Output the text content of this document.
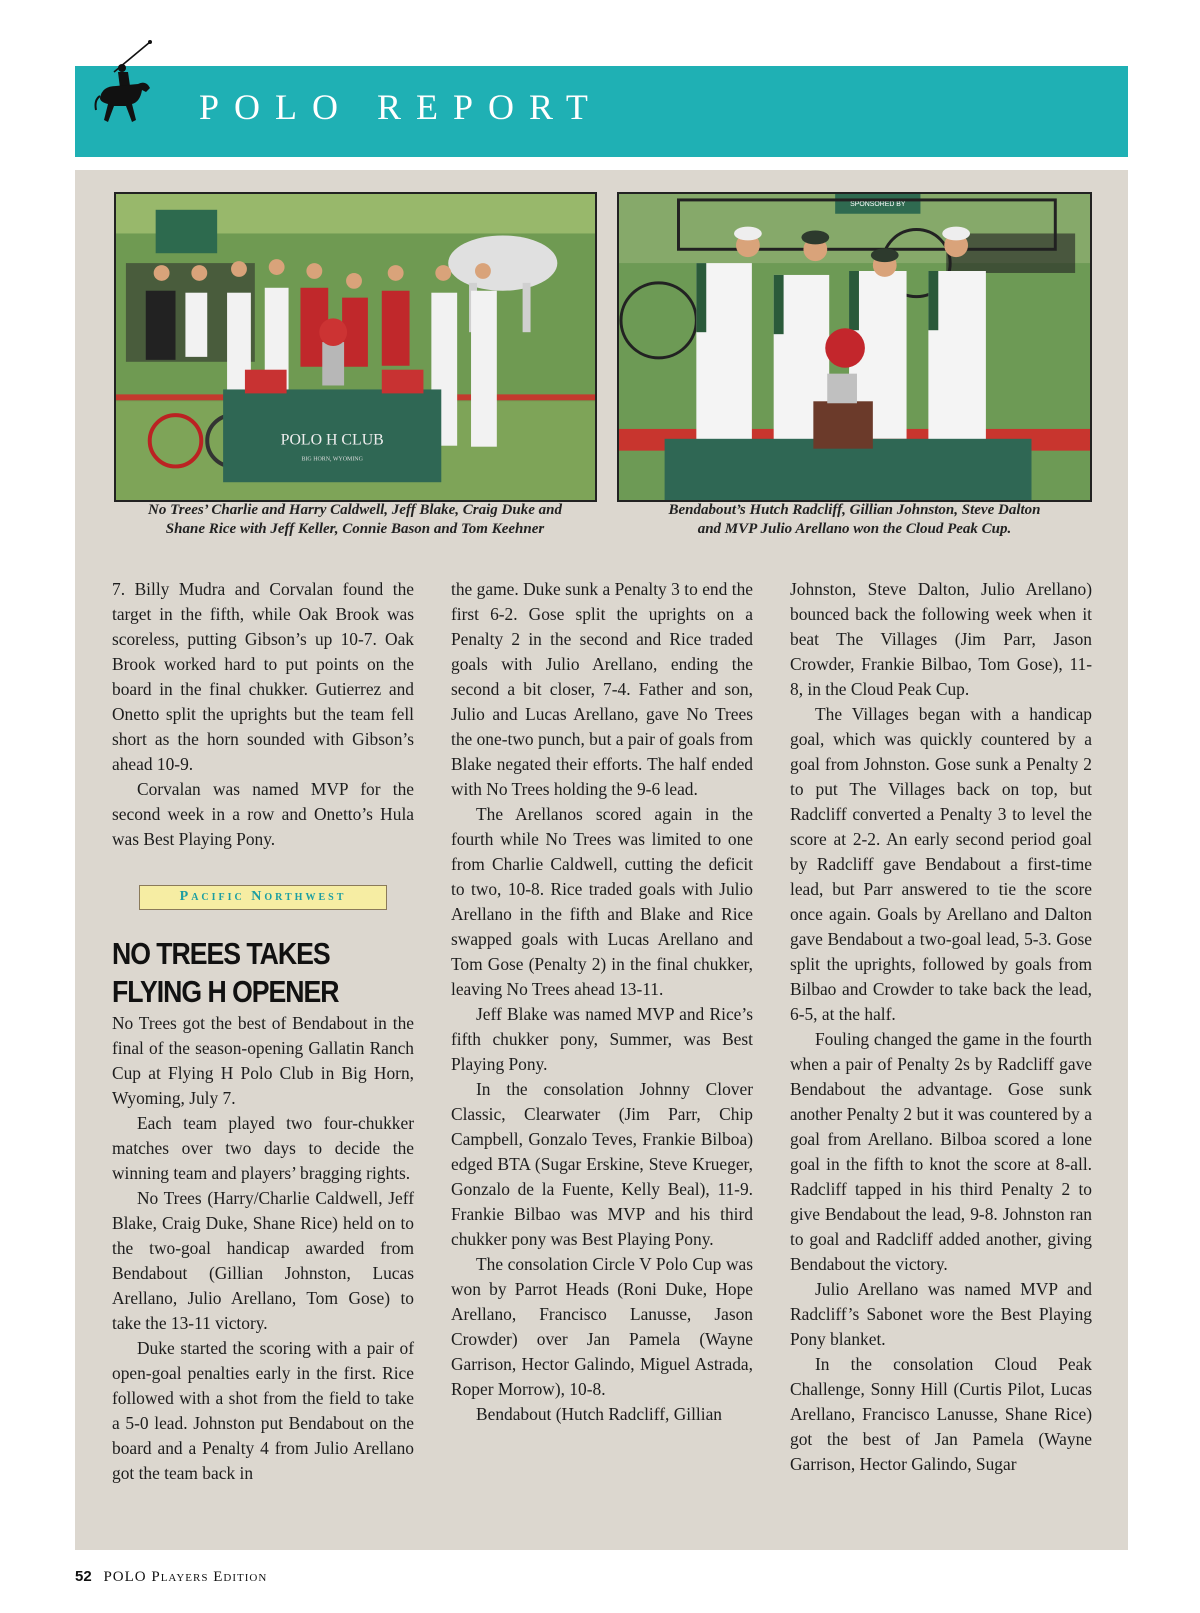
POLO REPORT
POLO H CLUB
BIG HORN, WYOMING
SPONSORED BY
No Trees’ Charlie and Harry Caldwell, Jeff Blake, Craig Duke and
Shane Rice with Jeff Keller, Connie Bason and Tom Keehner
Bendabout’s Hutch Radcliff, Gillian Johnston, Steve Dalton
and MVP Julio Arellano won the Cloud Peak Cup.

7. Billy Mudra and Corvalan found the target in the fifth, while Oak Brook was scoreless, putting Gibson’s up 10-7. Oak Brook worked hard to put points on the board in the final chukker. Gutierrez and Onetto split the uprights but the team fell short as the horn sounded with Gibson’s ahead 10-9.

Corvalan was named MVP for the second week in a row and Onetto’s Hula was Best Playing Pony.

Pacific Northwest
NO TREES TAKES
FLYING H OPENER

No Trees got the best of Bendabout in the final of the season-opening Gallatin Ranch Cup at Flying H Polo Club in Big Horn, Wyoming, July 7.

Each team played two four-chukker matches over two days to decide the winning team and players’ bragging rights.

No Trees (Harry/Charlie Caldwell, Jeff Blake, Craig Duke, Shane Rice) held on to the two-goal handicap awarded from Bendabout (Gillian Johnston, Lucas Arellano, Julio Arellano, Tom Gose) to take the 13-11 victory.

Duke started the scoring with a pair of open-goal penalties early in the first. Rice followed with a shot from the field to take a 5-0 lead. Johnston put Bendabout on the board and a Penalty 4 from Julio Arellano got the team back in

the game. Duke sunk a Penalty 3 to end the first 6-2. Gose split the uprights on a Penalty 2 in the second and Rice traded goals with Julio Arellano, ending the second a bit closer, 7-4. Father and son, Julio and Lucas Arellano, gave No Trees the one-two punch, but a pair of goals from Blake negated their efforts. The half ended with No Trees holding the 9-6 lead.

The Arellanos scored again in the fourth while No Trees was limited to one from Charlie Caldwell, cutting the deficit to two, 10-8. Rice traded goals with Julio Arellano in the fifth and Blake and Rice swapped goals with Lucas Arellano and Tom Gose (Penalty 2) in the final chukker, leaving No Trees ahead 13-11.

Jeff Blake was named MVP and Rice’s fifth chukker pony, Summer, was Best Playing Pony.

In the consolation Johnny Clover Classic, Clearwater (Jim Parr, Chip Campbell, Gonzalo Teves, Frankie Bilboa) edged BTA (Sugar Erskine, Steve Krueger, Gonzalo de la Fuente, Kelly Beal), 11-9. Frankie Bilbao was MVP and his third chukker pony was Best Playing Pony.

The consolation Circle V Polo Cup was won by Parrot Heads (Roni Duke, Hope Arellano, Francisco Lanusse, Jason Crowder) over Jan Pamela (Wayne Garrison, Hector Galindo, Miguel Astrada, Roper Morrow), 10-8.

Bendabout (Hutch Radcliff, Gillian

Johnston, Steve Dalton, Julio Arellano) bounced back the following week when it beat The Villages (Jim Parr, Jason Crowder, Frankie Bilbao, Tom Gose), 11-8, in the Cloud Peak Cup.

The Villages began with a handicap goal, which was quickly countered by a goal from Johnston. Gose sunk a Penalty 2 to put The Villages back on top, but Radcliff converted a Penalty 3 to level the score at 2-2. An early second period goal by Radcliff gave Bendabout a first-time lead, but Parr answered to tie the score once again. Goals by Arellano and Dalton gave Bendabout a two-goal lead, 5-3. Gose split the uprights, followed by goals from Bilbao and Crowder to take back the lead, 6-5, at the half.

Fouling changed the game in the fourth when a pair of Penalty 2s by Radcliff gave Bendabout the advantage. Gose sunk another Penalty 2 but it was countered by a goal from Arellano. Bilboa scored a lone goal in the fifth to knot the score at 8-all. Radcliff tapped in his third Penalty 2 to give Bendabout the lead, 9-8. Johnston ran to goal and Radcliff added another, giving Bendabout the victory.

Julio Arellano was named MVP and Radcliff’s Sabonet wore the Best Playing Pony blanket.

In the consolation Cloud Peak Challenge, Sonny Hill (Curtis Pilot, Lucas Arellano, Francisco Lanusse, Shane Rice) got the best of Jan Pamela (Wayne Garrison, Hector Galindo, Sugar

52 POLO Players Edition
